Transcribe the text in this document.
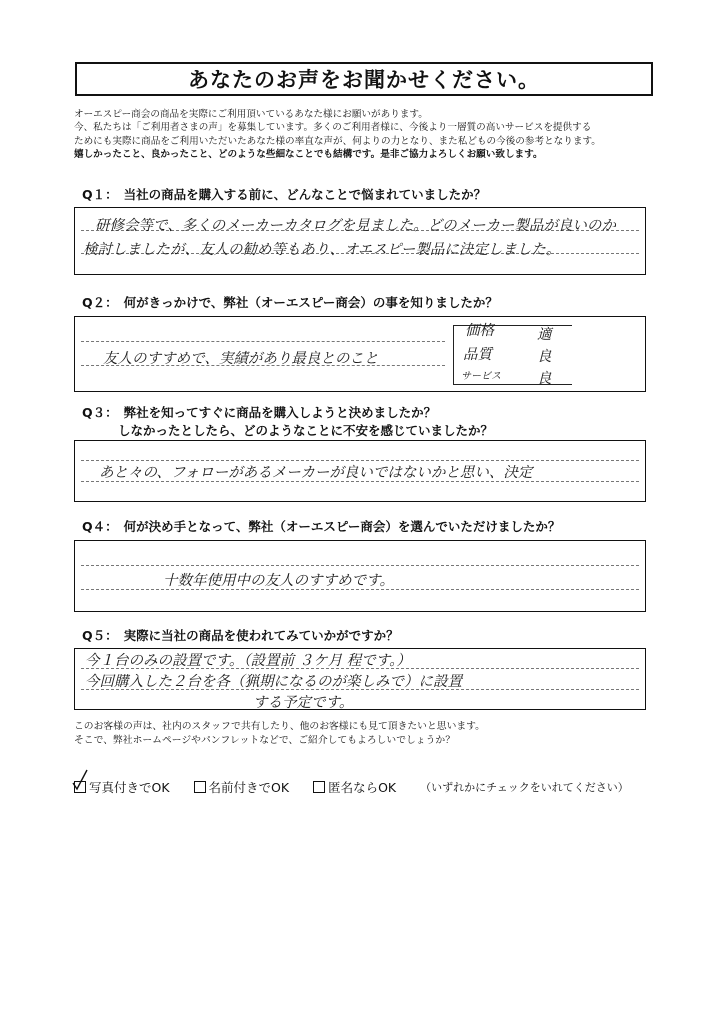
あなたのお声をお聞かせください。
オーエスピー商会の商品を実際にご利用頂いているあなた様にお願いがあります。
今、私たちは「ご利用者さまの声」を募集しています。多くのご利用者様に、今後より一層質の高いサービスを提供する
ためにも実際に商品をご利用いただいたあなた様の率直な声が、何よりの力となり、また私どもの今後の参考となります。
嬉しかったこと、良かったこと、どのような些細なことでも結構です。是非ご協力よろしくお願い致します。
Q１： 当社の商品を購入する前に、どんなことで悩まれていましたか？
研修会等で、多くのメーカーカタログを見ました。どのメーカー製品が良いのか
検討しましたが、友人の勧め等もあり、オエスピー製品に決定しました。
Q２： 何がきっかけで、弊社（オーエスピー商会）の事を知りましたか？
友人のすすめで、実績があり最良とのこと
価格	適
品質	良
サービス 良
Q３： 弊社を知ってすぐに商品を購入しようと決めましたか？
しなかったとしたら、どのようなことに不安を感じていましたか？
あと々の、フォローがあるメーカーが良いではないかと思い、決定
Q４： 何が決め手となって、弊社（オーエスピー商会）を選んでいただけましたか？
十数年使用中の友人のすすめです。
Q５： 実際に当社の商品を使われてみていかがですか？
今１台のみの設置です。（設置前 ３ケ月 程です。）
今回購入した２台を各（猟期になるのが楽しみで）に設置
する予定です。
このお客様の声は、社内のスタッフで共有したり、他のお客様にも見て頂きたいと思います。
そこで、弊社ホームページやパンフレットなどで、ご紹介してもよろしいでしょうか？
写真付きでOK	名前付きでOK	匿名ならOK （いずれかにチェックをいれてください）
